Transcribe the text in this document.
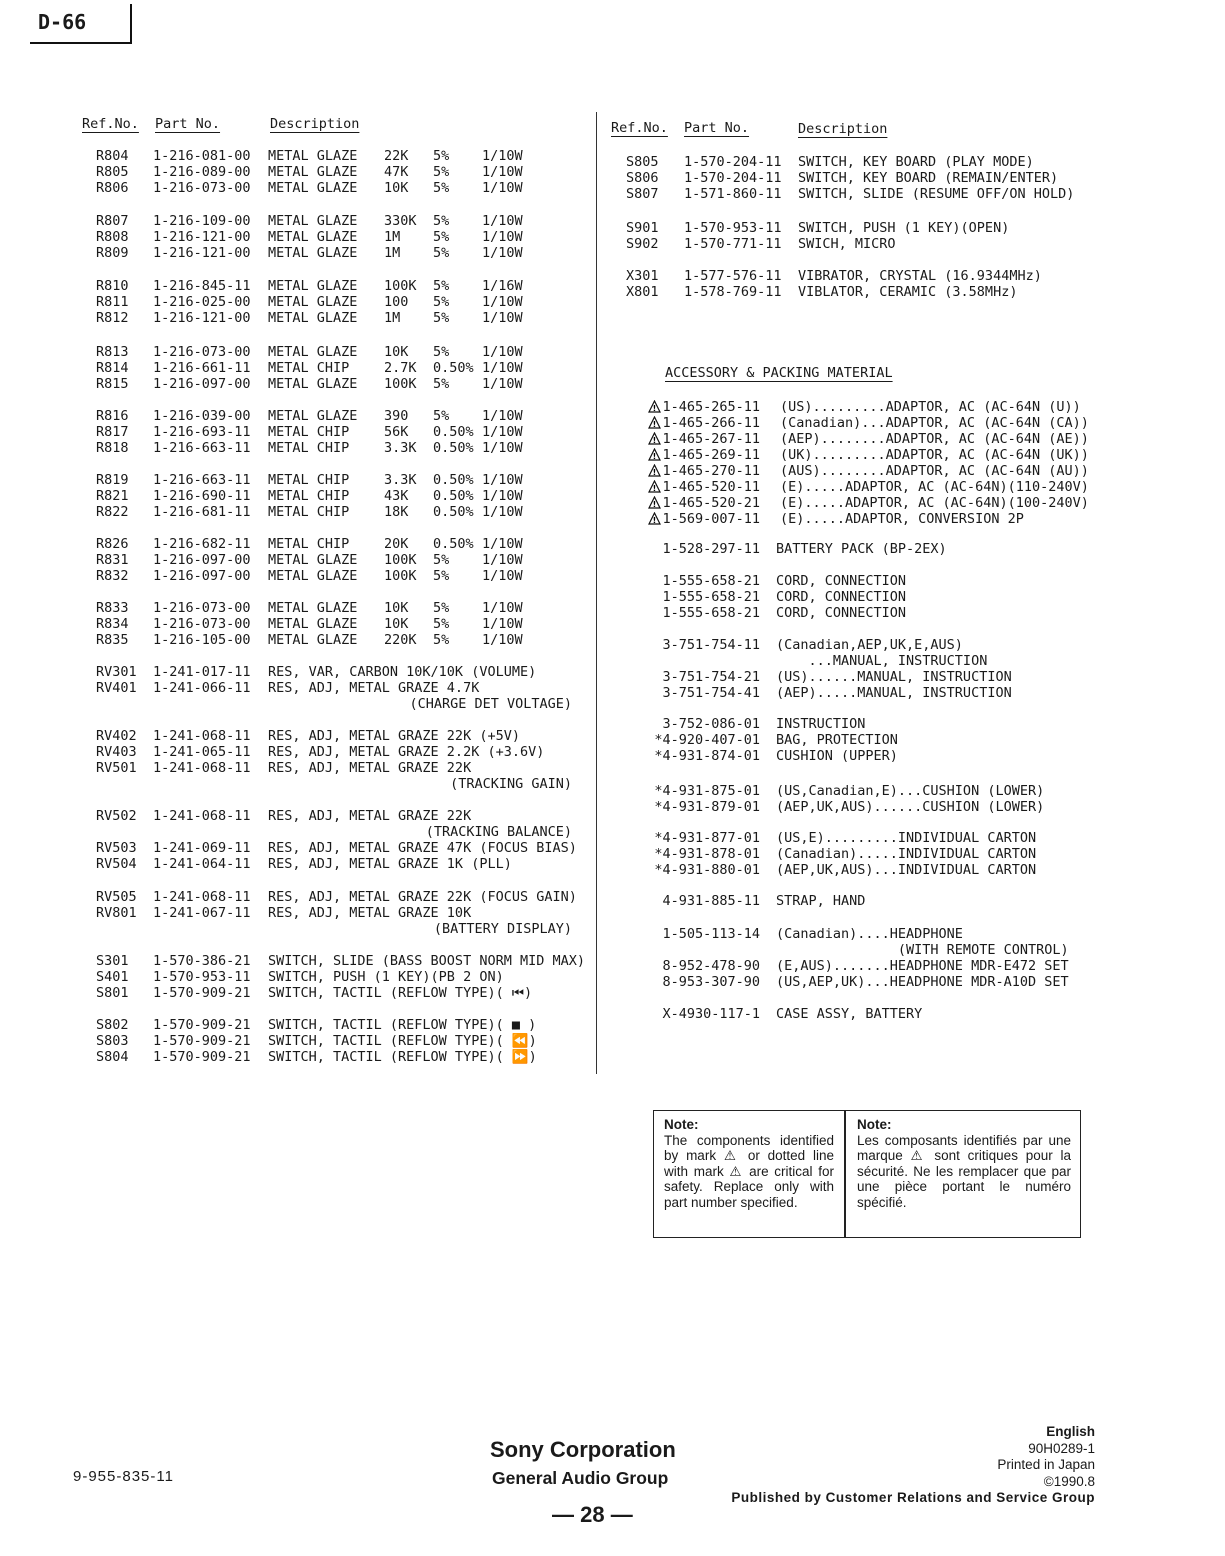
D-66
Ref.No. Part No.	Description	Ref.No. Part No.	Description
R804 1-216-081-00 METAL GLAZE 22K 5% 1/10W
R805 1-216-089-00 METAL GLAZE 47K 5% 1/10W
R806 1-216-073-00 METAL GLAZE 10K 5% 1/10W
R807 1-216-109-00 METAL GLAZE 330K 5% 1/10W
R808 1-216-121-00 METAL GLAZE 1M 5% 1/10W
R809 1-216-121-00 METAL GLAZE 1M 5% 1/10W
R810 1-216-845-11 METAL GLAZE 100K 5% 1/16W
R811 1-216-025-00 METAL GLAZE 100 5% 1/10W
R812 1-216-121-00 METAL GLAZE 1M 5% 1/10W
R813 1-216-073-00 METAL GLAZE 10K 5% 1/10W
R814 1-216-661-11 METAL CHIP	2.7K 0.50% 1/10W
R815 1-216-097-00 METAL GLAZE 100K 5% 1/10W
R816 1-216-039-00 METAL GLAZE 390 5% 1/10W
R817 1-216-693-11 METAL CHIP	56K 0.50% 1/10W
R818 1-216-663-11 METAL CHIP	3.3K 0.50% 1/10W
R819 1-216-663-11 METAL CHIP	3.3K 0.50% 1/10W
R821 1-216-690-11 METAL CHIP	43K 0.50% 1/10W
R822 1-216-681-11 METAL CHIP	18K 0.50% 1/10W
R826 1-216-682-11 METAL CHIP	20K 0.50% 1/10W
R831 1-216-097-00 METAL GLAZE 100K 5% 1/10W
R832 1-216-097-00 METAL GLAZE 100K 5% 1/10W
R833 1-216-073-00 METAL GLAZE 10K 5% 1/10W
R834 1-216-073-00 METAL GLAZE 10K 5% 1/10W
R835 1-216-105-00 METAL GLAZE 220K 5% 1/10W
RV301 1-241-017-11 RES, VAR, CARBON 10K/10K (VOLUME)
RV401 1-241-066-11 RES, ADJ, METAL GRAZE 4.7K
(CHARGE DET VOLTAGE)
RV402 1-241-068-11 RES, ADJ, METAL GRAZE 22K (+5V)
RV403 1-241-065-11 RES, ADJ, METAL GRAZE 2.2K (+3.6V)
RV501 1-241-068-11 RES, ADJ, METAL GRAZE 22K
(TRACKING GAIN)
RV502 1-241-068-11 RES, ADJ, METAL GRAZE 22K
(TRACKING BALANCE)
RV503 1-241-069-11 RES, ADJ, METAL GRAZE 47K (FOCUS BIAS)
RV504 1-241-064-11 RES, ADJ, METAL GRAZE 1K (PLL)
RV505 1-241-068-11 RES, ADJ, METAL GRAZE 22K (FOCUS GAIN)
RV801 1-241-067-11 RES, ADJ, METAL GRAZE 10K
(BATTERY DISPLAY)
S301 1-570-386-21 SWITCH, SLIDE (BASS BOOST NORM MID MAX)
S401 1-570-953-11 SWITCH, PUSH (1 KEY)(PB 2 ON)
S801 1-570-909-21 SWITCH, TACTIL (REFLOW TYPE)( ⏮)
S802 1-570-909-21 SWITCH, TACTIL (REFLOW TYPE)( ■ )
S803 1-570-909-21 SWITCH, TACTIL (REFLOW TYPE)( ⏪)
S804 1-570-909-21 SWITCH, TACTIL (REFLOW TYPE)( ⏩)
S805 1-570-204-11 SWITCH, KEY BOARD (PLAY MODE)
S806 1-570-204-11 SWITCH, KEY BOARD (REMAIN/ENTER)
S807 1-571-860-11 SWITCH, SLIDE (RESUME OFF/ON HOLD)
S901 1-570-953-11 SWITCH, PUSH (1 KEY)(OPEN)
S902 1-570-771-11 SWICH, MICRO
X301 1-577-576-11 VIBRATOR, CRYSTAL (16.9344MHz)
X801 1-578-769-11 VIBLATOR, CERAMIC (3.58MHz)
ACCESSORY & PACKING MATERIAL
1-465-265-11 (US).........ADAPTOR, AC (AC-64N (U))
!
1-465-266-11 (Canadian)...ADAPTOR, AC (AC-64N (CA))
!
1-465-267-11 (AEP)........ADAPTOR, AC (AC-64N (AE))
!
1-465-269-11 (UK).........ADAPTOR, AC (AC-64N (UK))
!
1-465-270-11 (AUS)........ADAPTOR, AC (AC-64N (AU))
!
1-465-520-11 (E).....ADAPTOR, AC (AC-64N)(110-240V)
!
1-465-520-21 (E).....ADAPTOR, AC (AC-64N)(100-240V)
!
1-569-007-11 (E).....ADAPTOR, CONVERSION 2P
!
1-528-297-11 BATTERY PACK (BP-2EX)
1-555-658-21 CORD, CONNECTION
1-555-658-21 CORD, CONNECTION
1-555-658-21 CORD, CONNECTION
3-751-754-11 (Canadian,AEP,UK,E,AUS)
...MANUAL, INSTRUCTION
3-751-754-21 (US)......MANUAL, INSTRUCTION
3-751-754-41 (AEP).....MANUAL, INSTRUCTION
3-752-086-01 INSTRUCTION
*4-920-407-01 BAG, PROTECTION
*4-931-874-01 CUSHION (UPPER)
*4-931-875-01 (US,Canadian,E)...CUSHION (LOWER)
*4-931-879-01 (AEP,UK,AUS)......CUSHION (LOWER)
*4-931-877-01 (US,E).........INDIVIDUAL CARTON
*4-931-878-01 (Canadian).....INDIVIDUAL CARTON
*4-931-880-01 (AEP,UK,AUS)...INDIVIDUAL CARTON
4-931-885-11 STRAP, HAND
1-505-113-14 (Canadian)....HEADPHONE
(WITH REMOTE CONTROL)
8-952-478-90 (E,AUS).......HEADPHONE MDR-E472 SET
8-953-307-90 (US,AEP,UK)...HEADPHONE MDR-A10D SET
X-4930-117-1 CASE ASSY, BATTERY
Note:
The components identified by mark ⚠ or dotted line with mark ⚠ are critical for safety. Replace only with part number specified.
Note:
Les composants identifiés par une marque ⚠ sont critiques pour la sécurité. Ne les remplacer que par une pièce portant le numéro spécifié.
9-955-835-11
Sony Corporation
General Audio Group
— 28 —
English
90H0289-1
Printed in Japan
©1990.8
Published by Customer Relations and Service Group
